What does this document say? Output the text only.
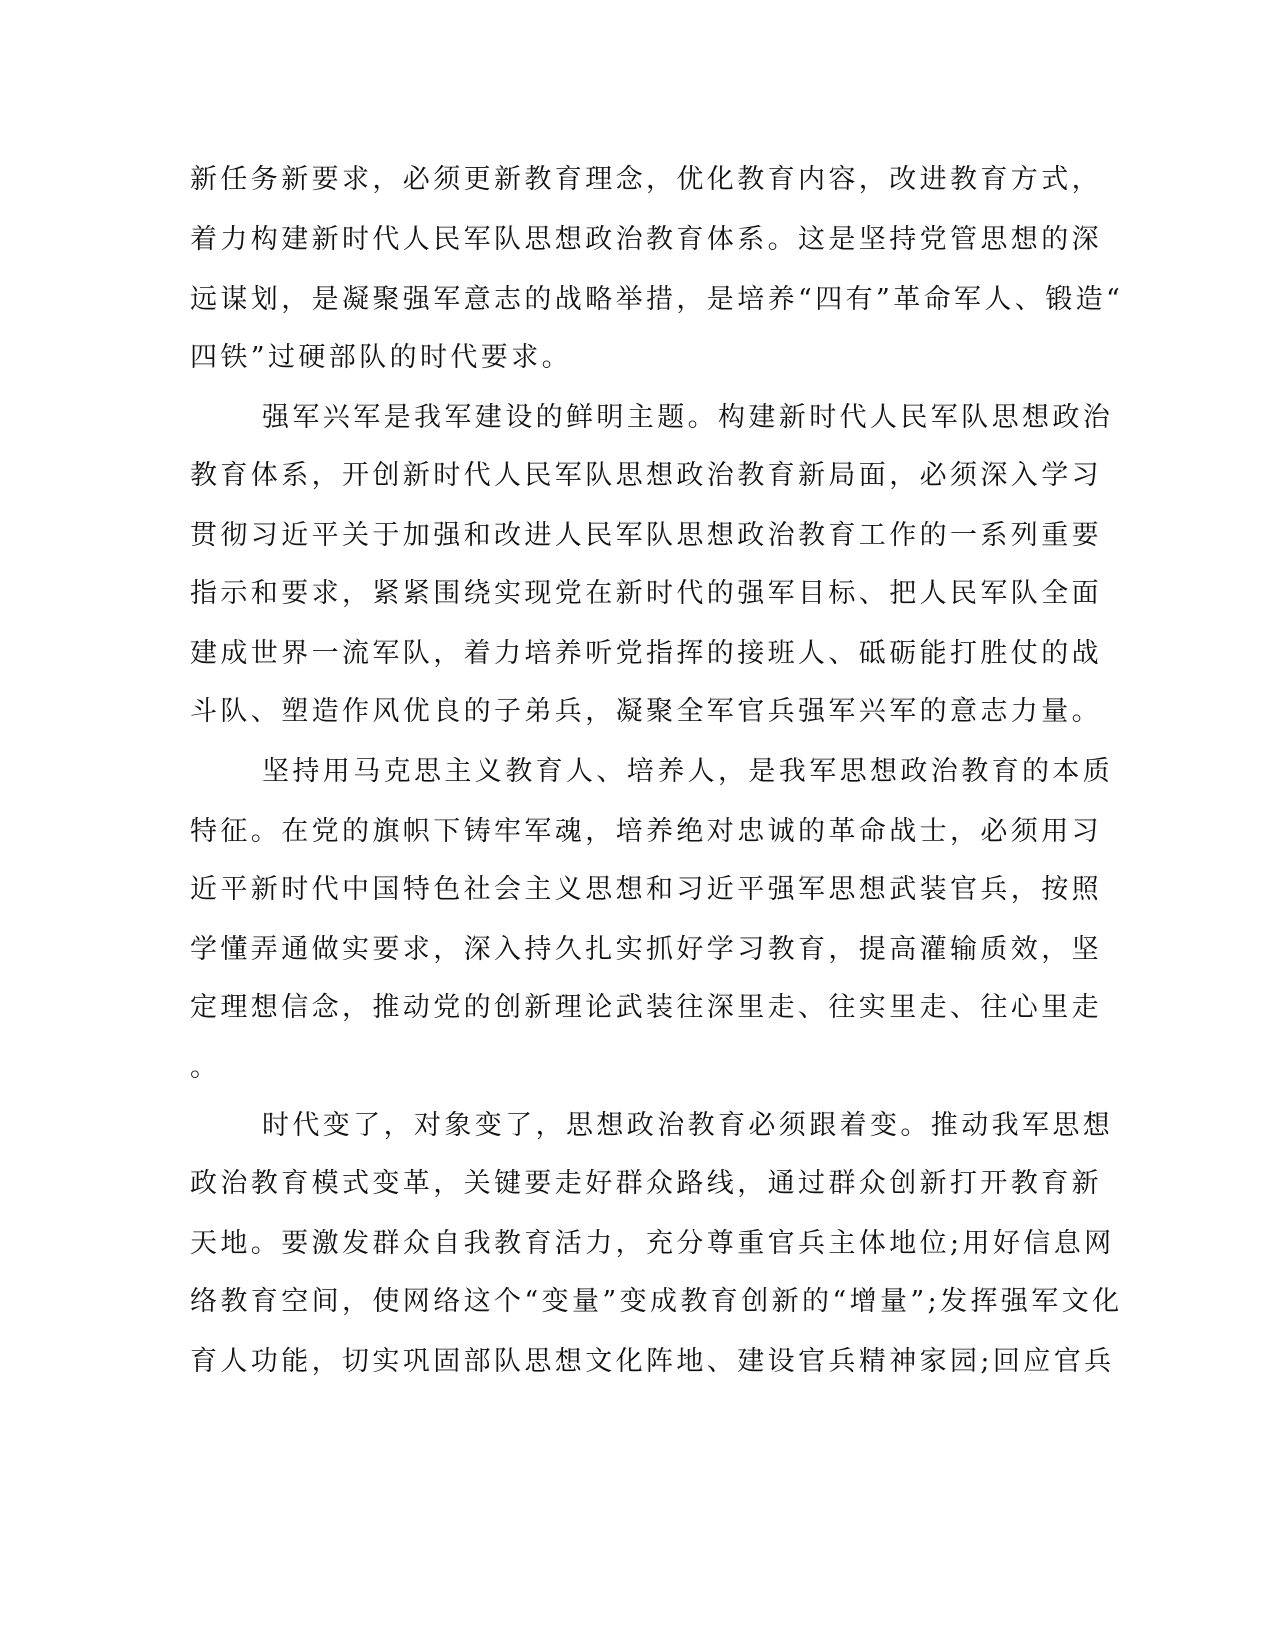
新任务新要求，必须更新教育理念，优化教育内容，改进教育方式，

着力构建新时代人民军队思想政治教育体系。这是坚持党管思想的深

远谋划，是凝聚强军意志的战略举措，是培养“四有”革命军人、锻造“

四铁”过硬部队的时代要求。

强军兴军是我军建设的鲜明主题。构建新时代人民军队思想政治

教育体系，开创新时代人民军队思想政治教育新局面，必须深入学习

贯彻习近平关于加强和改进人民军队思想政治教育工作的一系列重要

指示和要求，紧紧围绕实现党在新时代的强军目标、把人民军队全面

建成世界一流军队，着力培养听党指挥的接班人、砥砺能打胜仗的战

斗队、塑造作风优良的子弟兵，凝聚全军官兵强军兴军的意志力量。

坚持用马克思主义教育人、培养人，是我军思想政治教育的本质

特征。在党的旗帜下铸牢军魂，培养绝对忠诚的革命战士，必须用习

近平新时代中国特色社会主义思想和习近平强军思想武装官兵，按照

学懂弄通做实要求，深入持久扎实抓好学习教育，提高灌输质效，坚

定理想信念，推动党的创新理论武装往深里走、往实里走、往心里走

。

时代变了，对象变了，思想政治教育必须跟着变。推动我军思想

政治教育模式变革，关键要走好群众路线，通过群众创新打开教育新

天地。要激发群众自我教育活力，充分尊重官兵主体地位;用好信息网

络教育空间，使网络这个“变量”变成教育创新的“增量”;发挥强军文化

育人功能，切实巩固部队思想文化阵地、建设官兵精神家园;回应官兵
